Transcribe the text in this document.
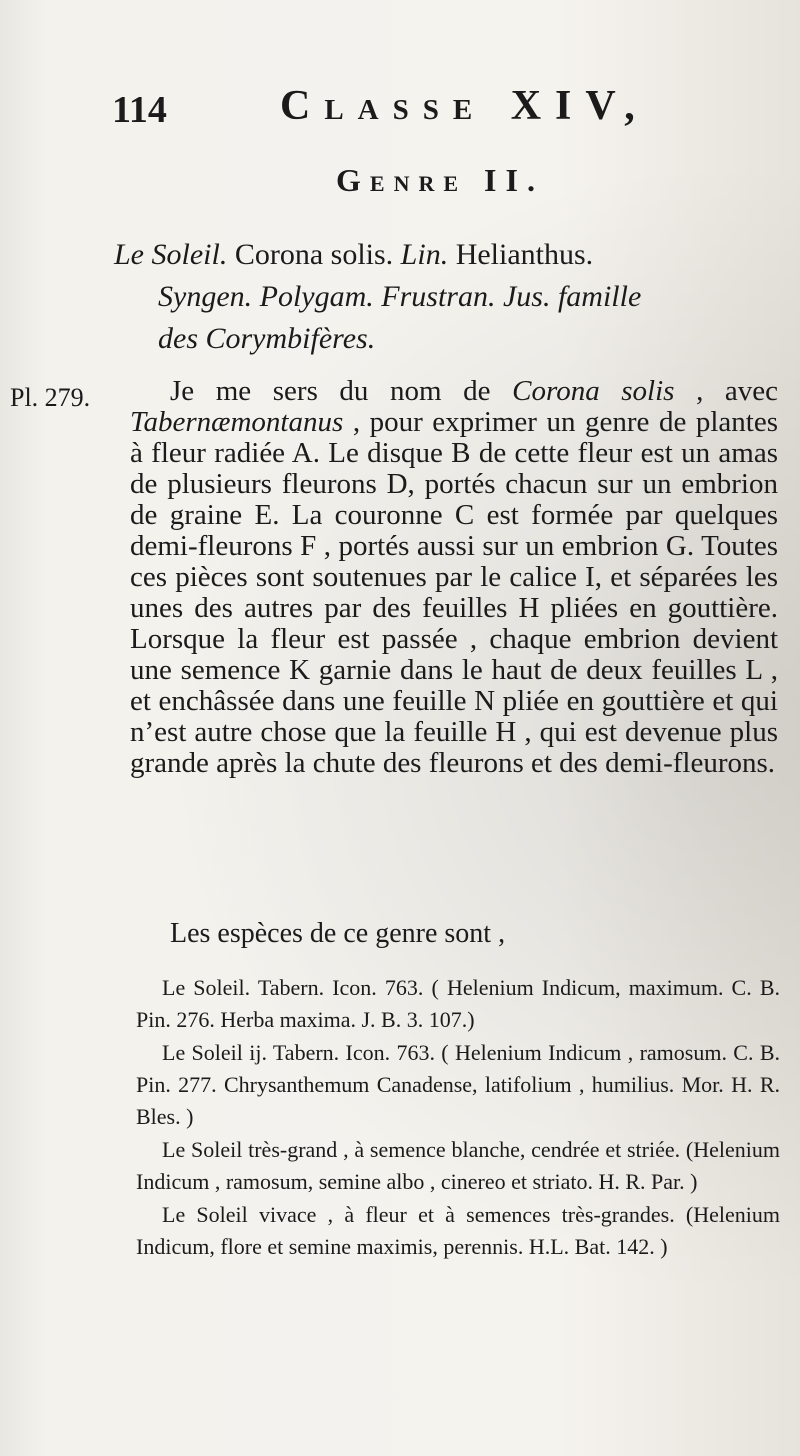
114	Classe XIV,
Genre II.

Le Soleil. Corona solis. Lin. Helianthus.

Syngen. Polygam. Frustran. Jus. famille

des Corymbifères.

Pl. 279.	Je me sers du nom de Corona solis , avec Tabernæmontanus , pour exprimer un genre de plantes à fleur radiée A. Le disque B de cette fleur est un amas de plusieurs fleurons D, portés chacun sur un embrion de graine E. La couronne C est formée par quelques demi-fleurons F , portés aussi sur un embrion G. Toutes ces pièces sont soutenues par le calice I, et séparées les unes des autres par des feuilles H pliées en gouttière. Lorsque la fleur est passée , chaque embrion devient une semence K garnie dans le haut de deux feuilles L , et enchâssée dans une feuille N pliée en gouttière et qui n’est autre chose que la feuille H , qui est devenue plus grande après la chute des fleurons et des demi-fleurons.

Les espèces de ce genre sont ,

Le Soleil. Tabern. Icon. 763. ( Helenium Indicum, maximum. C. B. Pin. 276. Herba maxima. J. B. 3. 107.)

Le Soleil ij. Tabern. Icon. 763. ( Helenium Indicum , ramosum. C. B. Pin. 277. Chrysanthemum Canadense, latifolium , humilius. Mor. H. R. Bles. )

Le Soleil très-grand , à semence blanche, cendrée et striée. (Helenium Indicum , ramosum, semine albo , cinereo et striato. H. R. Par. )

Le Soleil vivace , à fleur et à semences très-grandes. (Helenium Indicum, flore et semine maximis, perennis. H.L. Bat. 142. )
